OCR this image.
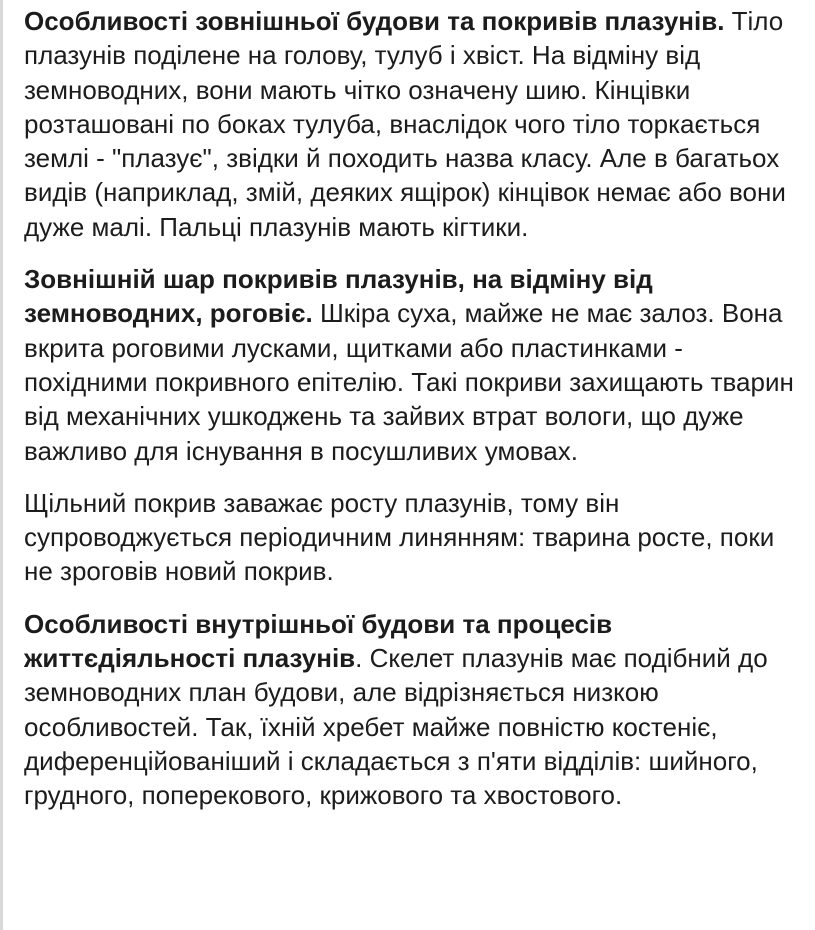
Особливості зовнішньої будови та покривів плазунів. Тіло плазунів поділене на голову, тулуб і хвіст. На відміну від земноводних, вони мають чітко означену шию. Кінцівки розташовані по боках тулуба, внаслідок чого тіло торкається землі - "плазує", звідки й походить назва класу. Але в багатьох видів (наприклад, змій, деяких ящірок) кінцівок немає або вони дуже малі. Пальці плазунів мають кігтики.

Зовнішній шар покривів плазунів, на відміну від земноводних, роговіє. Шкіра суха, майже не має залоз. Вона вкрита роговими лусками, щитками або пластинками - похідними покривного епітелію. Такі покриви захищають тварин від механічних ушкоджень та зайвих втрат вологи, що дуже важливо для існування в посушливих умовах.

Щільний покрив заважає росту плазунів, тому він супроводжується періодичним линянням: тварина росте, поки не зроговів новий покрив.

Особливості внутрішньої будови та процесів життєдіяльності плазунів. Скелет плазунів має подібний до земноводних план будови, але відрізняється низкою особливостей. Так, їхній хребет майже повністю костеніє, диференційованіший і складається з п'яти відділів: шийного, грудного, поперекового, крижового та хвостового.
